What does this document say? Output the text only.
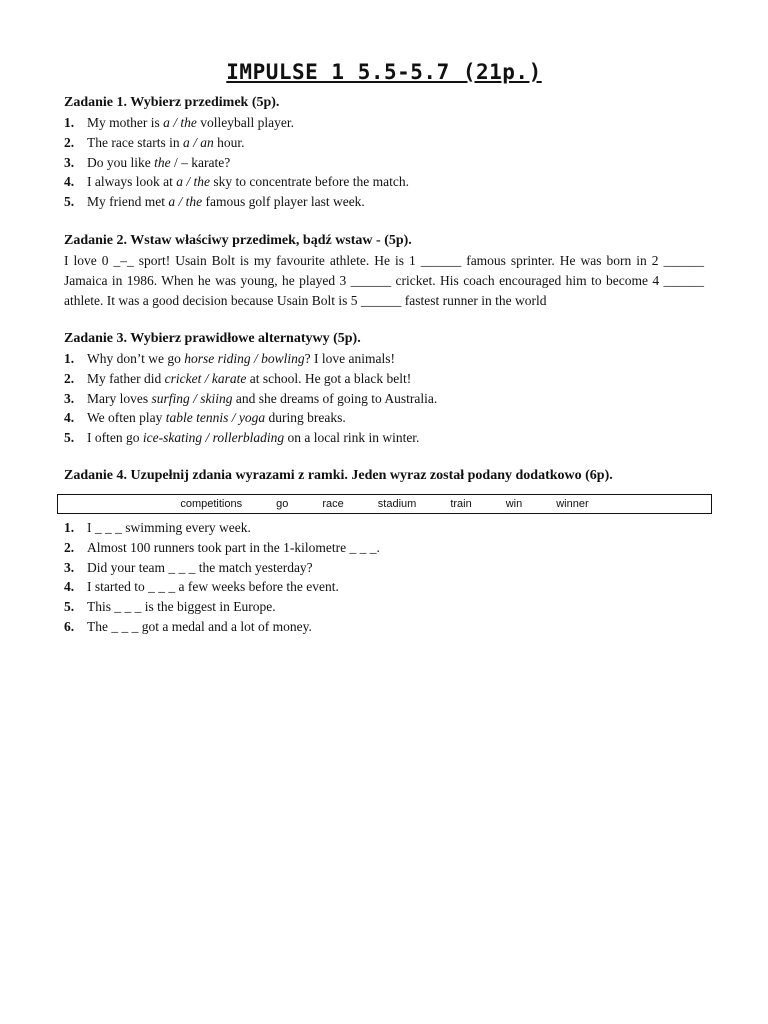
IMPULSE 1 5.5-5.7 (21p.)

Zadanie 1. Wybierz przedimek (5p).

1. My mother is a / the volleyball player.
2. The race starts in a / an hour.
3. Do you like the / – karate?
4. I always look at a / the sky to concentrate before the match.
5. My friend met a / the famous golf player last week.

Zadanie 2. Wstaw właściwy przedimek, bądź wstaw - (5p).

I love 0 _–_ sport! Usain Bolt is my favourite athlete. He is 1 ______ famous sprinter. He was born in 2 ______ Jamaica in 1986. When he was young, he played 3 ______ cricket. His coach encouraged him to become 4 ______ athlete. It was a good decision because Usain Bolt is 5 ______ fastest runner in the world

Zadanie 3. Wybierz prawidłowe alternatywy (5p).

1. Why don’t we go horse riding / bowling? I love animals!
2. My father did cricket / karate at school. He got a black belt!
3. Mary loves surfing / skiing and she dreams of going to Australia.
4. We often play table tennis / yoga during breaks.
5. I often go ice-skating / rollerblading on a local rink in winter.

Zadanie 4. Uzupełnij zdania wyrazami z ramki. Jeden wyraz został podany dodatkowo (6p).

competitions	go	race	stadium	train	win	winner
1. I _ _ _ swimming every week.
2. Almost 100 runners took part in the 1-kilometre _ _ _.
3. Did your team _ _ _ the match yesterday?
4. I started to _ _ _ a few weeks before the event.
5. This _ _ _ is the biggest in Europe.
6. The _ _ _ got a medal and a lot of money.
